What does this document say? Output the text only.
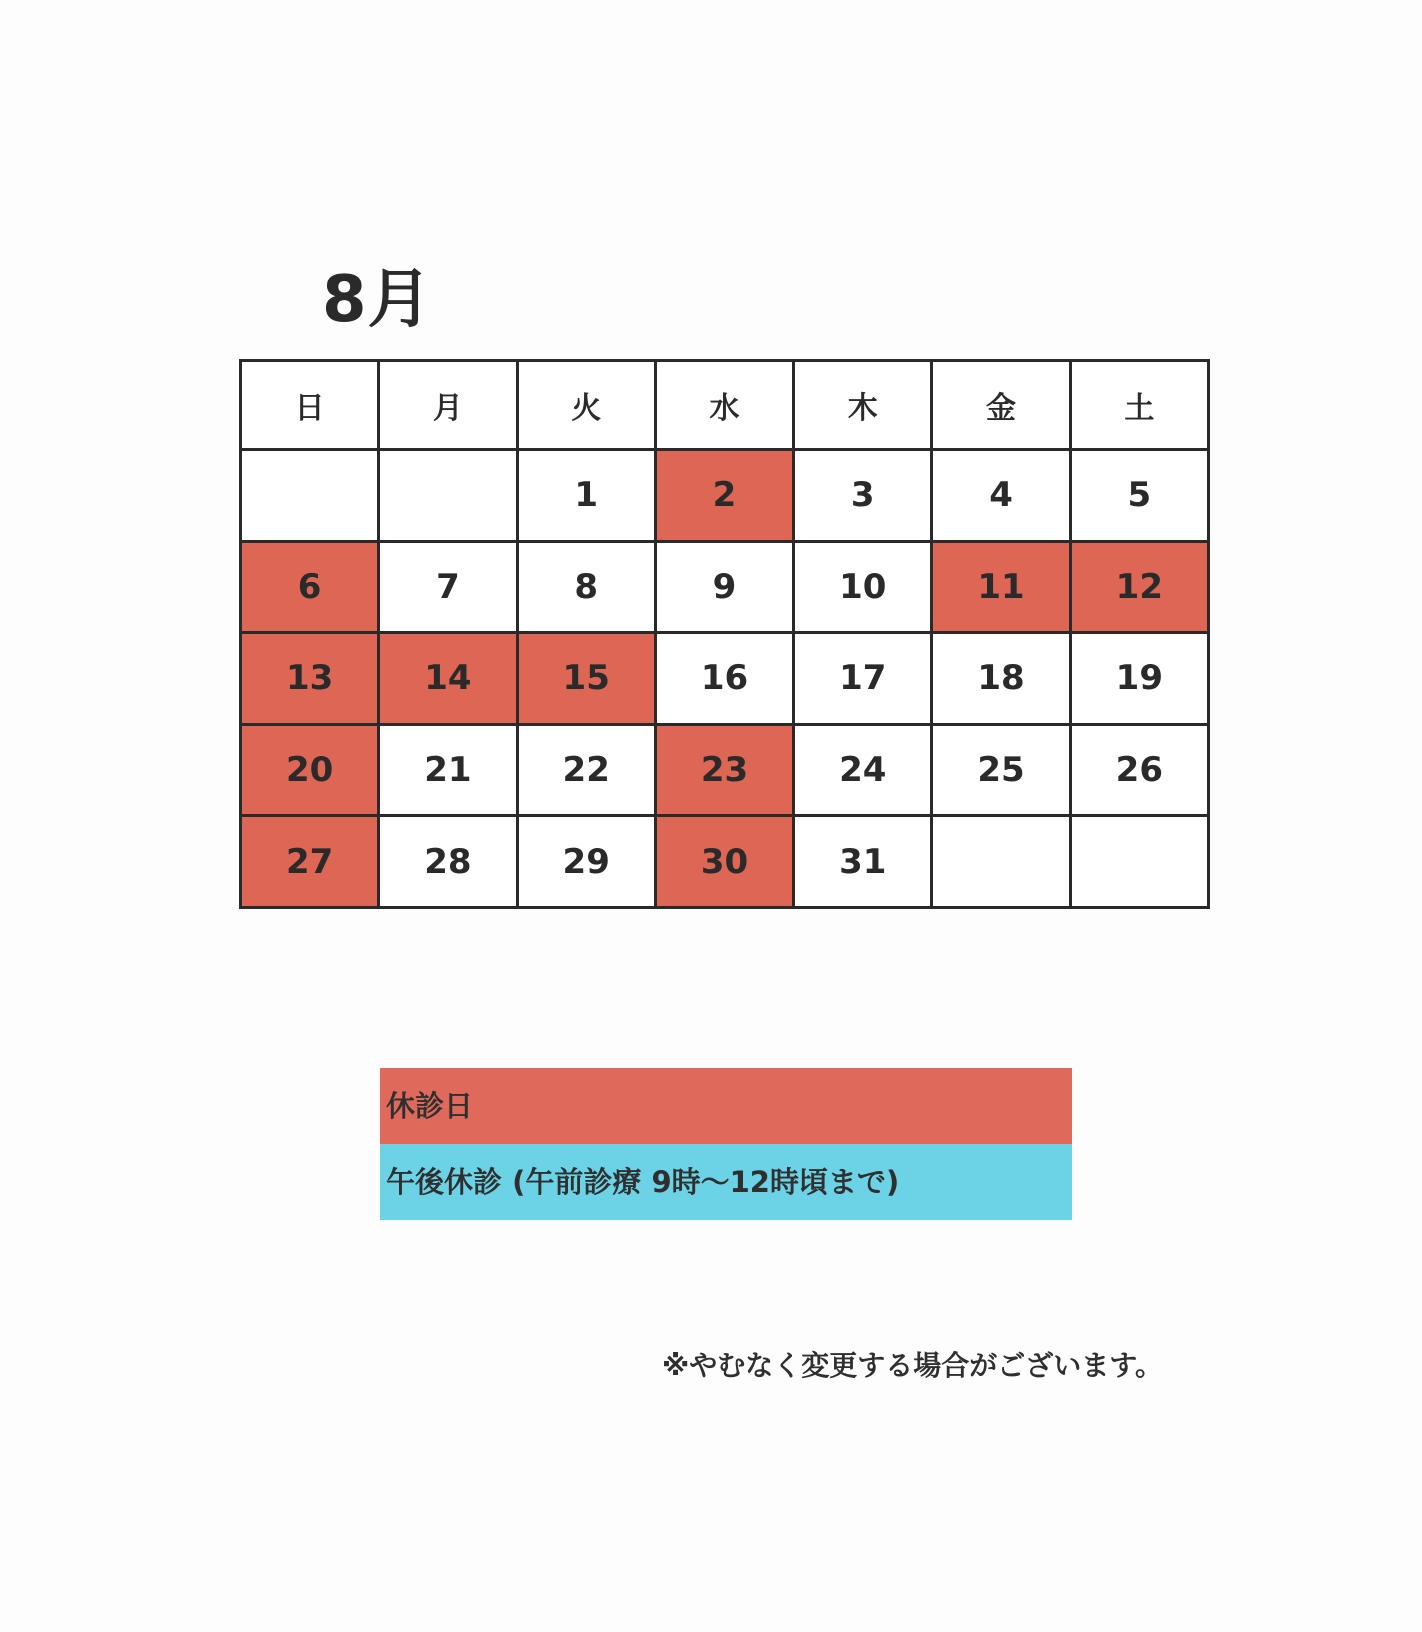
8月
日	月	火	水	木	金	土
		1	2	3	4	5
6	7	8	9	10	11	12
13	14	15	16	17	18	19
20	21	22	23	24	25	26
27	28	29	30	31		
休診日
午後休診 (午前診療 9時～12時頃まで)
※やむなく変更する場合がございます。
